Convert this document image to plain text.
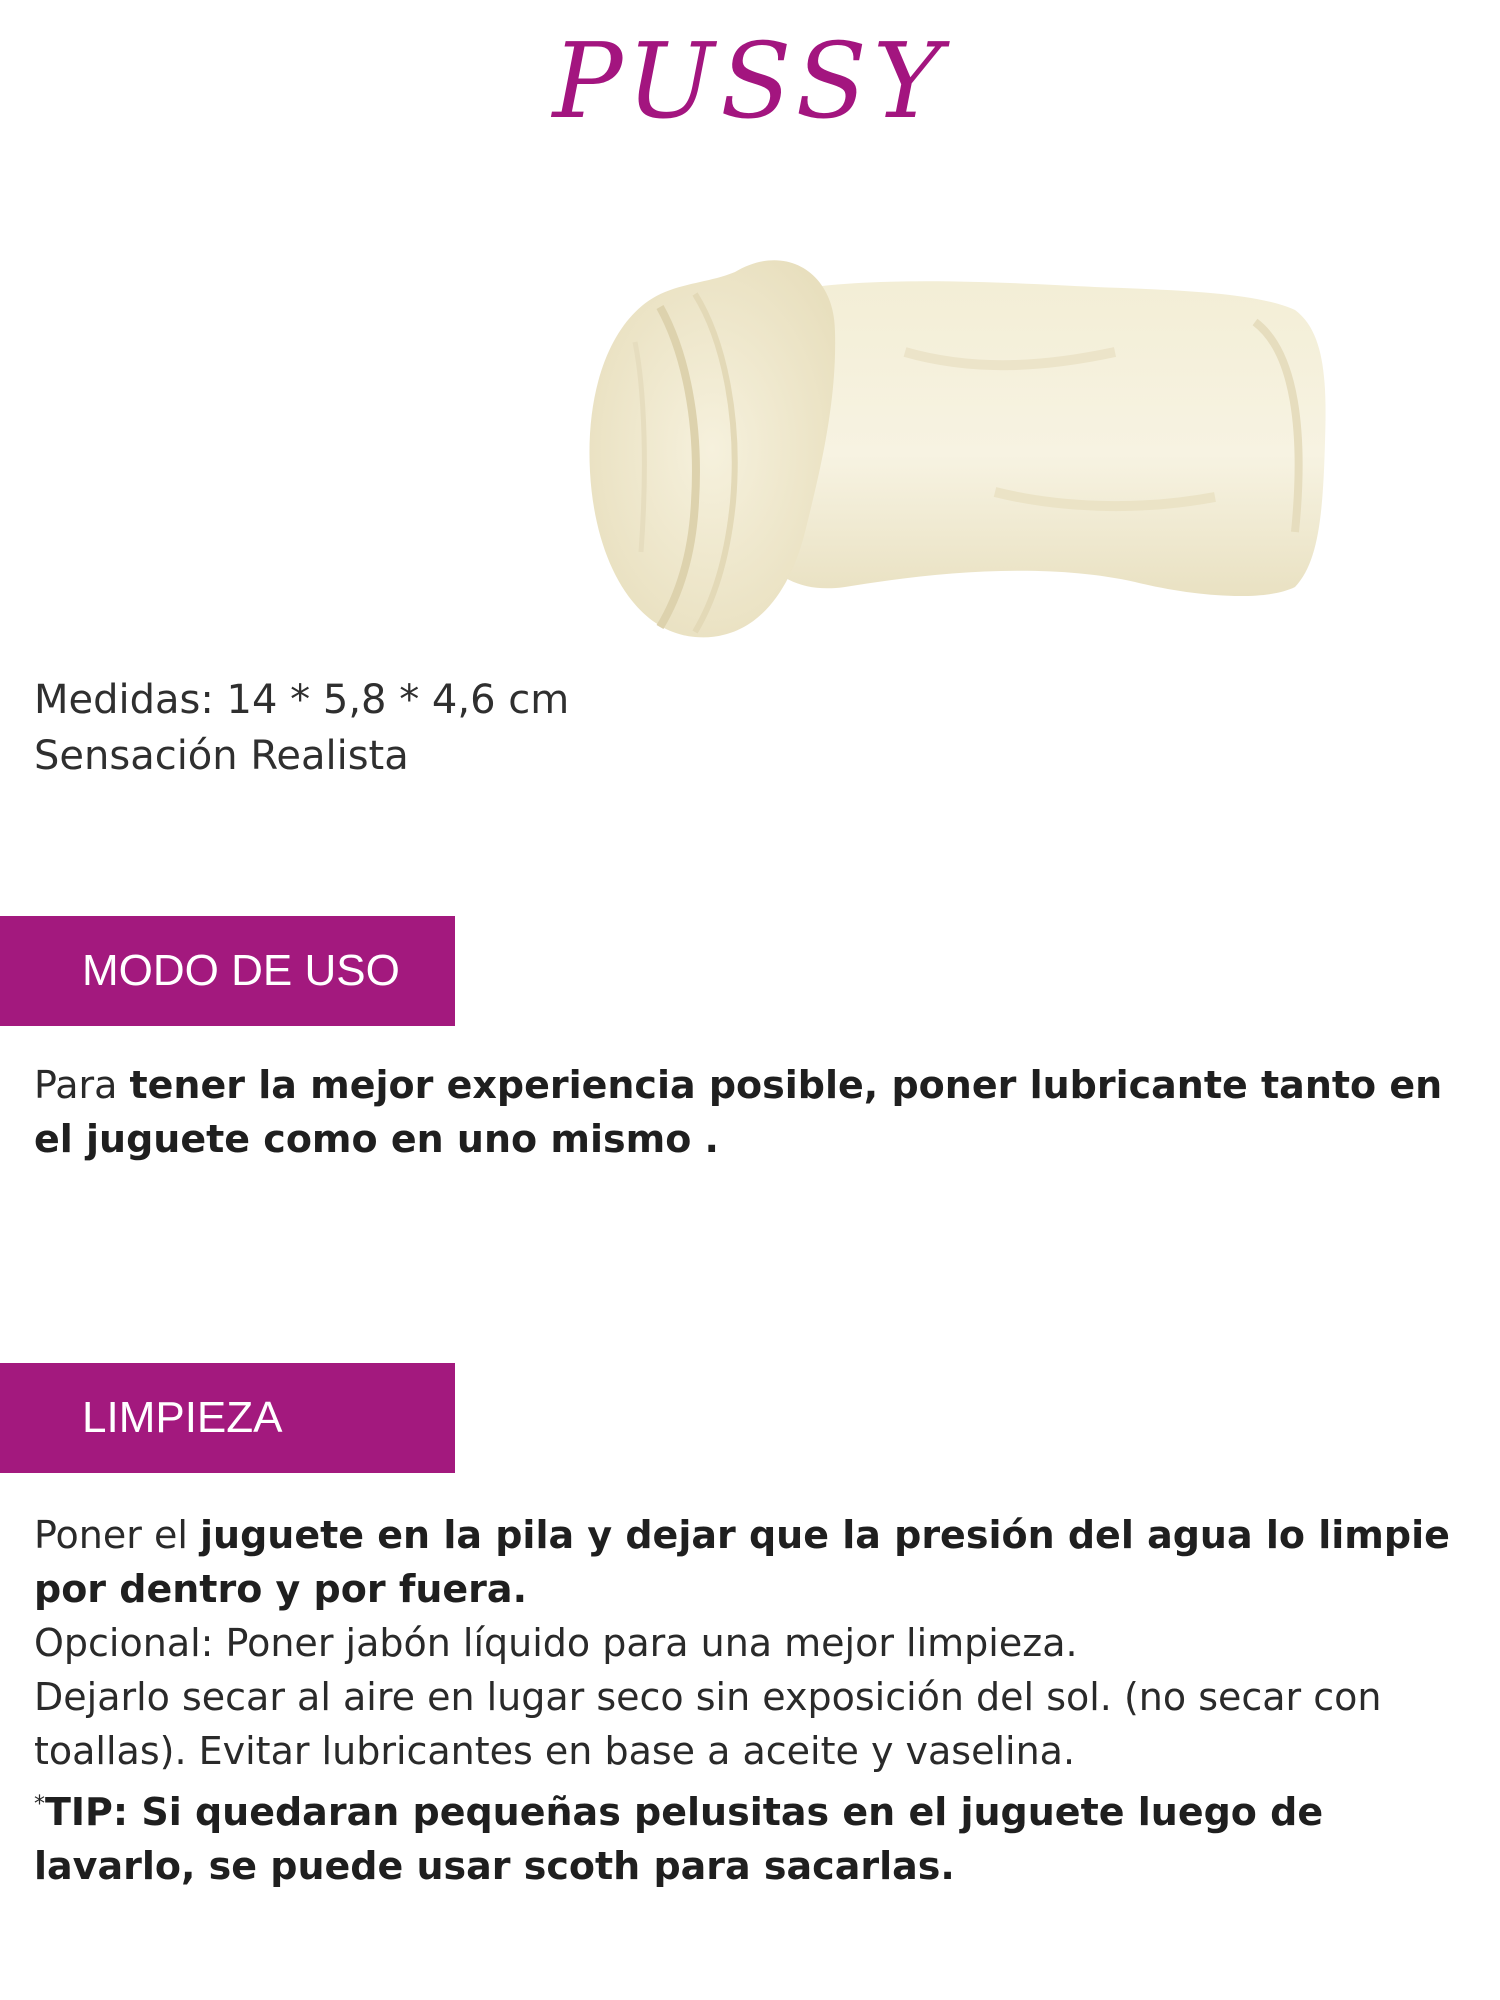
PUSSY
Medidas: 14 * 5,8 * 4,6 cm
Sensación Realista
MODO DE USO
Para tener la mejor experiencia posible, poner lubricante tanto en el juguete como en uno mismo .
LIMPIEZA
Poner el juguete en la pila y dejar que la presión del agua lo limpie por dentro y por fuera.
Opcional: Poner jabón líquido para una mejor limpieza.
Dejarlo secar al aire en lugar seco sin exposición del sol. (no secar con toallas). Evitar lubricantes en base a aceite y vaselina.
*TIP: Si quedaran pequeñas pelusitas en el juguete luego de lavarlo, se puede usar scoth para sacarlas.
